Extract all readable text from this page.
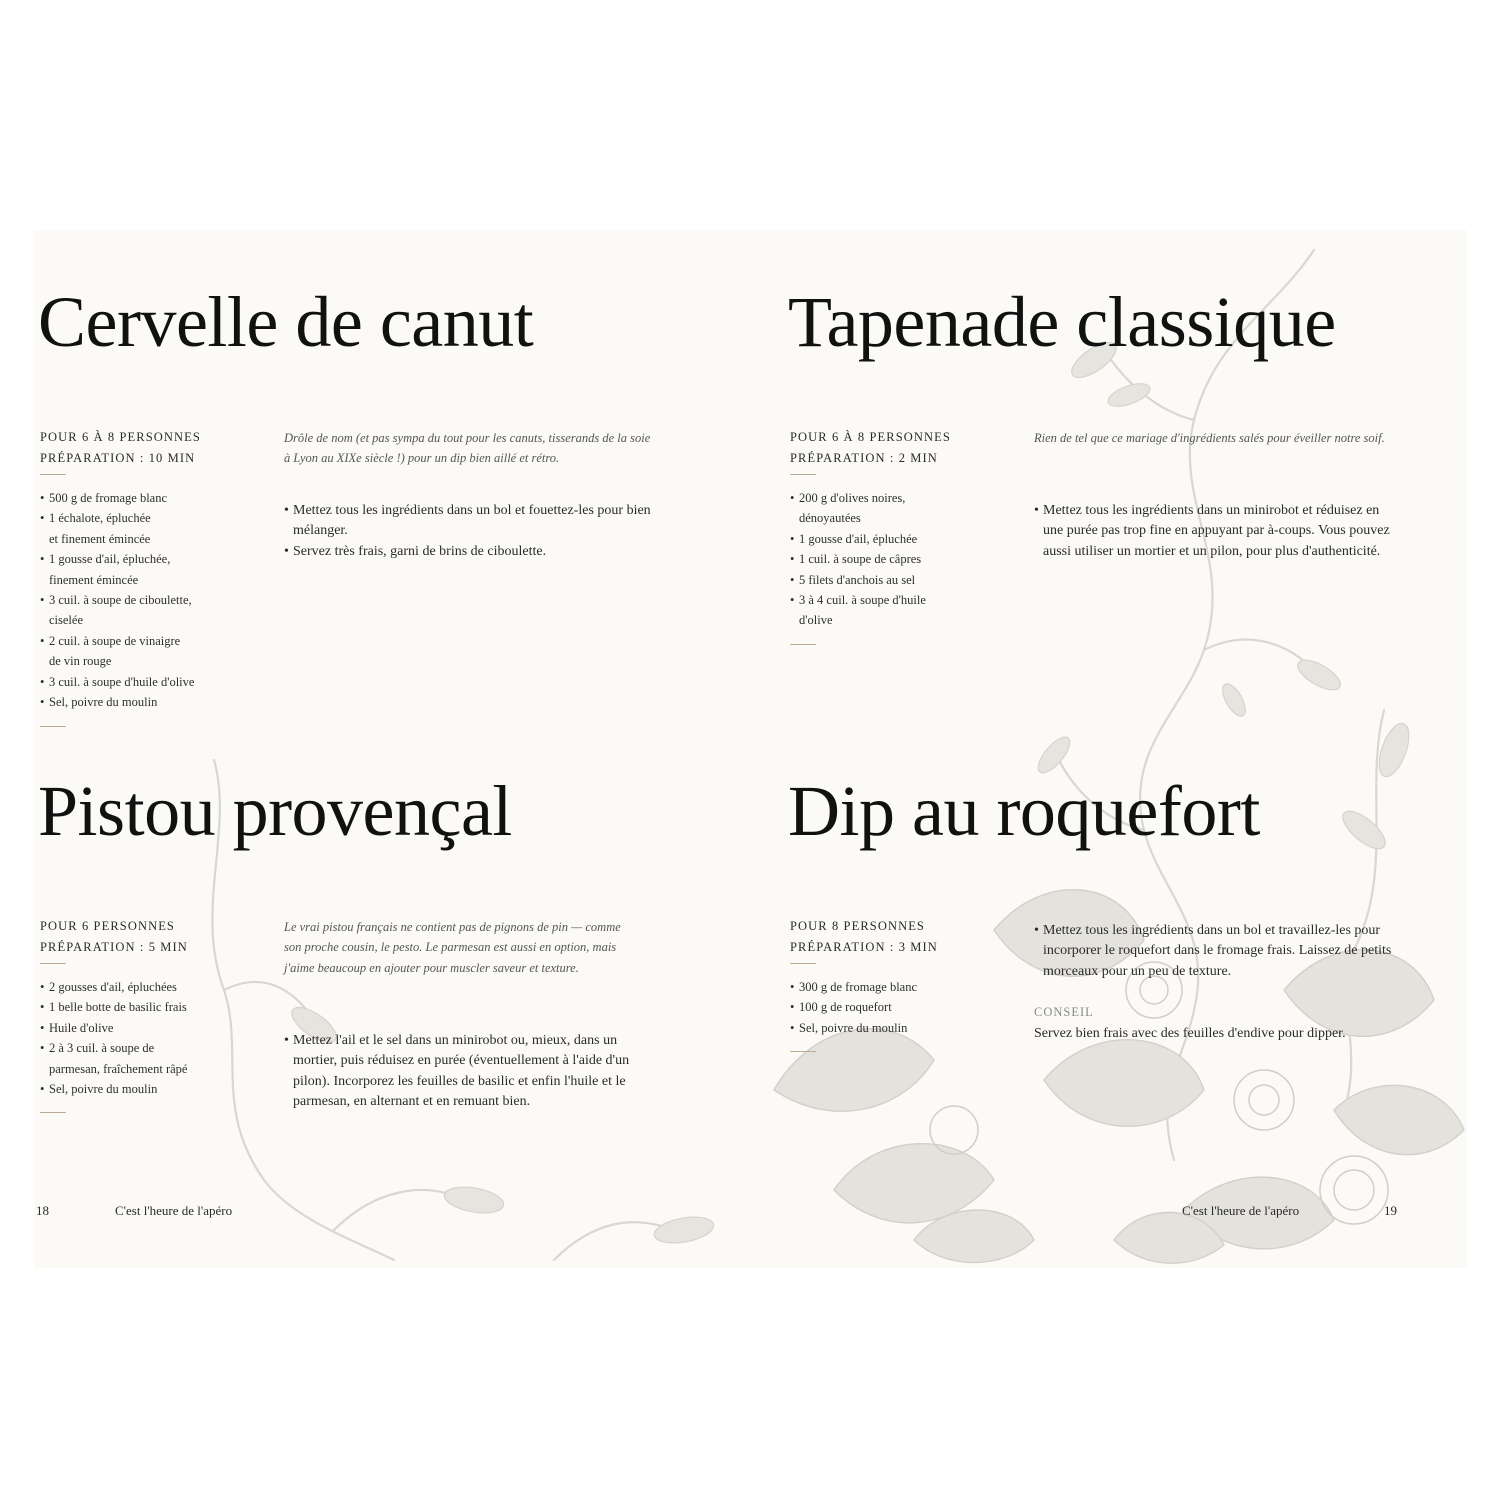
Cervelle de canut
POUR 6 À 8 PERSONNES
PRÉPARATION : 10 MIN
• 500 g de fromage blanc
• 1 échalote, épluchée
et finement émincée
• 1 gousse d'ail, épluchée,
finement émincée
• 3 cuil. à soupe de ciboulette,
ciselée
• 2 cuil. à soupe de vinaigre
de vin rouge
• 3 cuil. à soupe d'huile d'olive
• Sel, poivre du moulin
Drôle de nom (et pas sympa du tout pour les canuts, tisserands de la soie à Lyon au XIXe siècle !) pour un dip bien aillé et rétro.
• Mettez tous les ingrédients dans un bol et fouettez-les pour bien mélanger.
• Servez très frais, garni de brins de ciboulette.
Tapenade classique
POUR 6 À 8 PERSONNES
PRÉPARATION : 2 MIN
• 200 g d'olives noires,
dénoyautées
• 1 gousse d'ail, épluchée
• 1 cuil. à soupe de câpres
• 5 filets d'anchois au sel
• 3 à 4 cuil. à soupe d'huile
d'olive
Rien de tel que ce mariage d'ingrédients salés pour éveiller notre soif.
• Mettez tous les ingrédients dans un minirobot et réduisez en une purée pas trop fine en appuyant par à-coups. Vous pouvez aussi utiliser un mortier et un pilon, pour plus d'authenticité.
Pistou provençal
POUR 6 PERSONNES
PRÉPARATION : 5 MIN
• 2 gousses d'ail, épluchées
• 1 belle botte de basilic frais
• Huile d'olive
• 2 à 3 cuil. à soupe de
parmesan, fraîchement râpé
• Sel, poivre du moulin
Le vrai pistou français ne contient pas de pignons de pin — comme son proche cousin, le pesto. Le parmesan est aussi en option, mais j'aime beaucoup en ajouter pour muscler saveur et texture.
• Mettez l'ail et le sel dans un minirobot ou, mieux, dans un mortier, puis réduisez en purée (éventuellement à l'aide d'un pilon). Incorporez les feuilles de basilic et enfin l'huile et le parmesan, en alternant et en remuant bien.
Dip au roquefort
POUR 8 PERSONNES
PRÉPARATION : 3 MIN
• 300 g de fromage blanc
• 100 g de roquefort
• Sel, poivre du moulin
• Mettez tous les ingrédients dans un bol et travaillez-les pour incorporer le roquefort dans le fromage frais. Laissez de petits morceaux pour un peu de texture.
CONSEIL
Servez bien frais avec des feuilles d'endive pour dipper.
18	C'est l'heure de l'apéro	C'est l'heure de l'apéro	19
